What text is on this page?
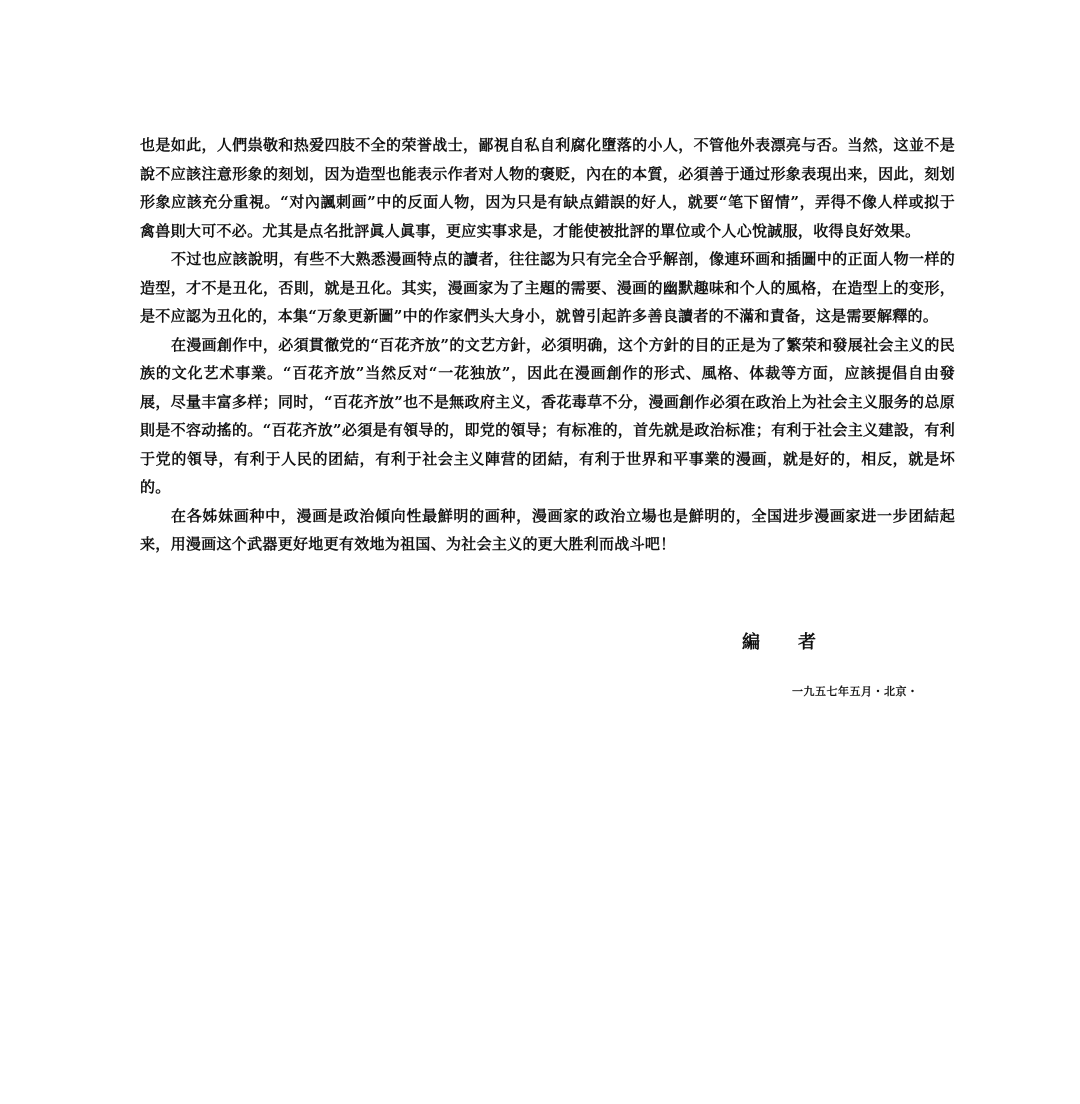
也是如此，人們祟敬和热爱四肢不全的荣誉战士，鄙視自私自利腐化墮落的小人，不管他外表漂亮与否。当然，这並不是說不应該注意形象的刻划，因为造型也能表示作者对人物的褒贬，內在的本質，必須善于通过形象表現出来，因此，刻划形象应該充分重視。“对內諷刺画”中的反面人物，因为只是有缺点錯誤的好人，就要“笔下留情”，弄得不像人样或拟于禽兽則大可不必。尤其是点名批評眞人眞事，更应实事求是，才能使被批評的單位或个人心悅誠服，收得良好效果。

不过也应該說明，有些不大熟悉漫画特点的讀者，往往認为只有完全合乎解剖，像連环画和插圖中的正面人物一样的造型，才不是丑化，否則，就是丑化。其实，漫画家为了主題的需要、漫画的幽默趣味和个人的風格，在造型上的变形，是不应認为丑化的，本集“万象更新圖”中的作家們头大身小，就曾引起許多善良讀者的不滿和責备，这是需要解釋的。

在漫画創作中，必須貫徹党的“百花齐放”的文艺方針，必須明确，这个方針的目的正是为了繁荣和發展社会主义的民族的文化艺术事業。“百花齐放”当然反对“一花独放”，因此在漫画創作的形式、風格、体裁等方面，应該提倡自由發展，尽量丰富多样；同时，“百花齐放”也不是無政府主义，香花毒草不分，漫画創作必須在政治上为社会主义服务的总原則是不容动搖的。“百花齐放”必須是有領导的，即党的領导；有标准的，首先就是政治标准；有利于社会主义建設，有利于党的領导，有利于人民的团結，有利于社会主义陣营的团結，有利于世界和平事業的漫画，就是好的，相反，就是坏的。

在各姊妹画种中，漫画是政治傾向性最鮮明的画种，漫画家的政治立場也是鮮明的，全国进步漫画家进一步团結起来，用漫画这个武器更好地更有效地为祖国、为社会主义的更大胜利而战斗吧！

編 者
一九五七年五月・北京・
